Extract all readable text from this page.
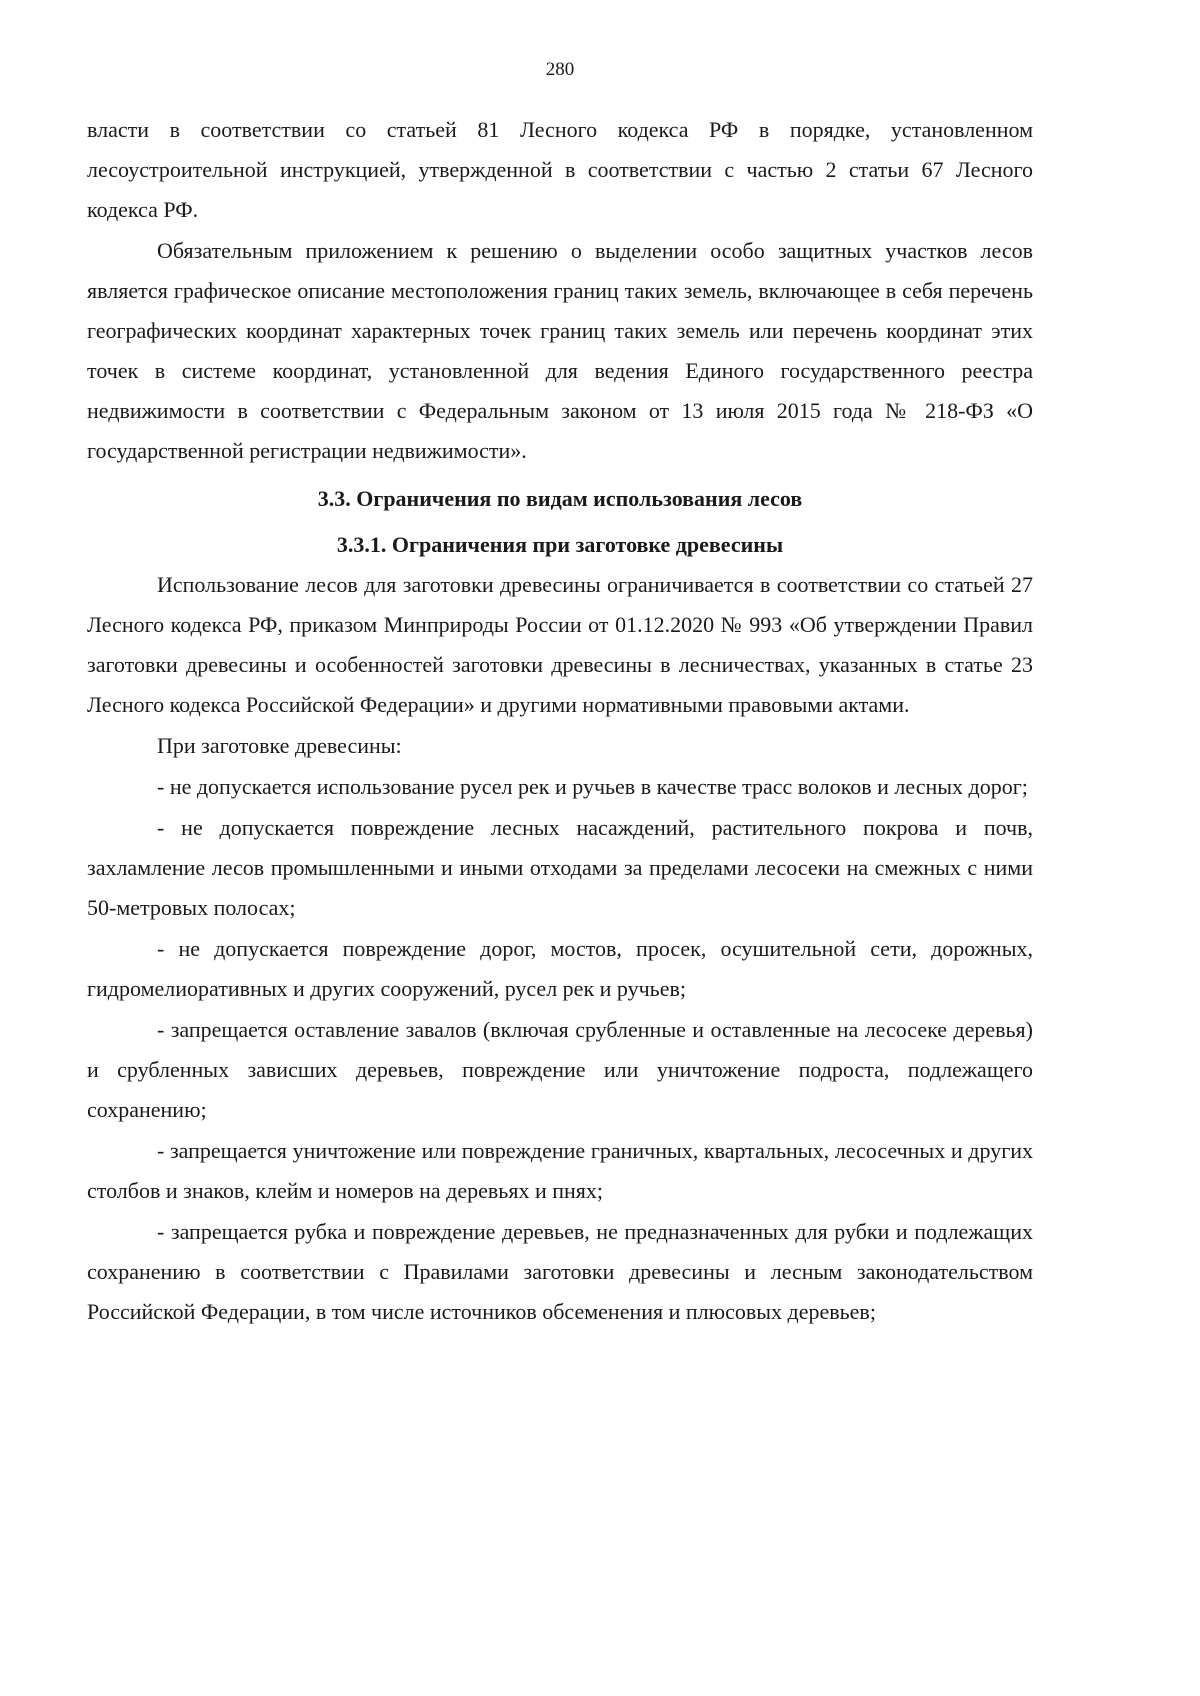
280

власти в соответствии со статьей 81 Лесного кодекса РФ в порядке, установленном лесоустроительной инструкцией, утвержденной в соответствии с частью 2 статьи 67 Лесного кодекса РФ.

Обязательным приложением к решению о выделении особо защитных участков лесов является графическое описание местоположения границ таких земель, включающее в себя перечень географических координат характерных точек границ таких земель или перечень координат этих точек в системе координат, установленной для ведения Единого государственного реестра недвижимости в соответствии с Федеральным законом от 13 июля 2015 года № 218-ФЗ «О государственной регистрации недвижимости».

3.3. Ограничения по видам использования лесов
3.3.1. Ограничения при заготовке древесины

Использование лесов для заготовки древесины ограничивается в соответствии со статьей 27 Лесного кодекса РФ, приказом Минприроды России от 01.12.2020 № 993 «Об утверждении Правил заготовки древесины и особенностей заготовки древесины в лесничествах, указанных в статье 23 Лесного кодекса Российской Федерации» и другими нормативными правовыми актами.

При заготовке древесины:

- не допускается использование русел рек и ручьев в качестве трасс волоков и лесных дорог;

- не допускается повреждение лесных насаждений, растительного покрова и почв, захламление лесов промышленными и иными отходами за пределами лесосеки на смежных с ними 50-метровых полосах;

- не допускается повреждение дорог, мостов, просек, осушительной сети, дорожных, гидромелиоративных и других сооружений, русел рек и ручьев;

- запрещается оставление завалов (включая срубленные и оставленные на лесосеке деревья) и срубленных зависших деревьев, повреждение или уничтожение подроста, подлежащего сохранению;

- запрещается уничтожение или повреждение граничных, квартальных, лесосечных и других столбов и знаков, клейм и номеров на деревьях и пнях;

- запрещается рубка и повреждение деревьев, не предназначенных для рубки и подлежащих сохранению в соответствии с Правилами заготовки древесины и лесным законодательством Российской Федерации, в том числе источников обсеменения и плюсовых деревьев;
